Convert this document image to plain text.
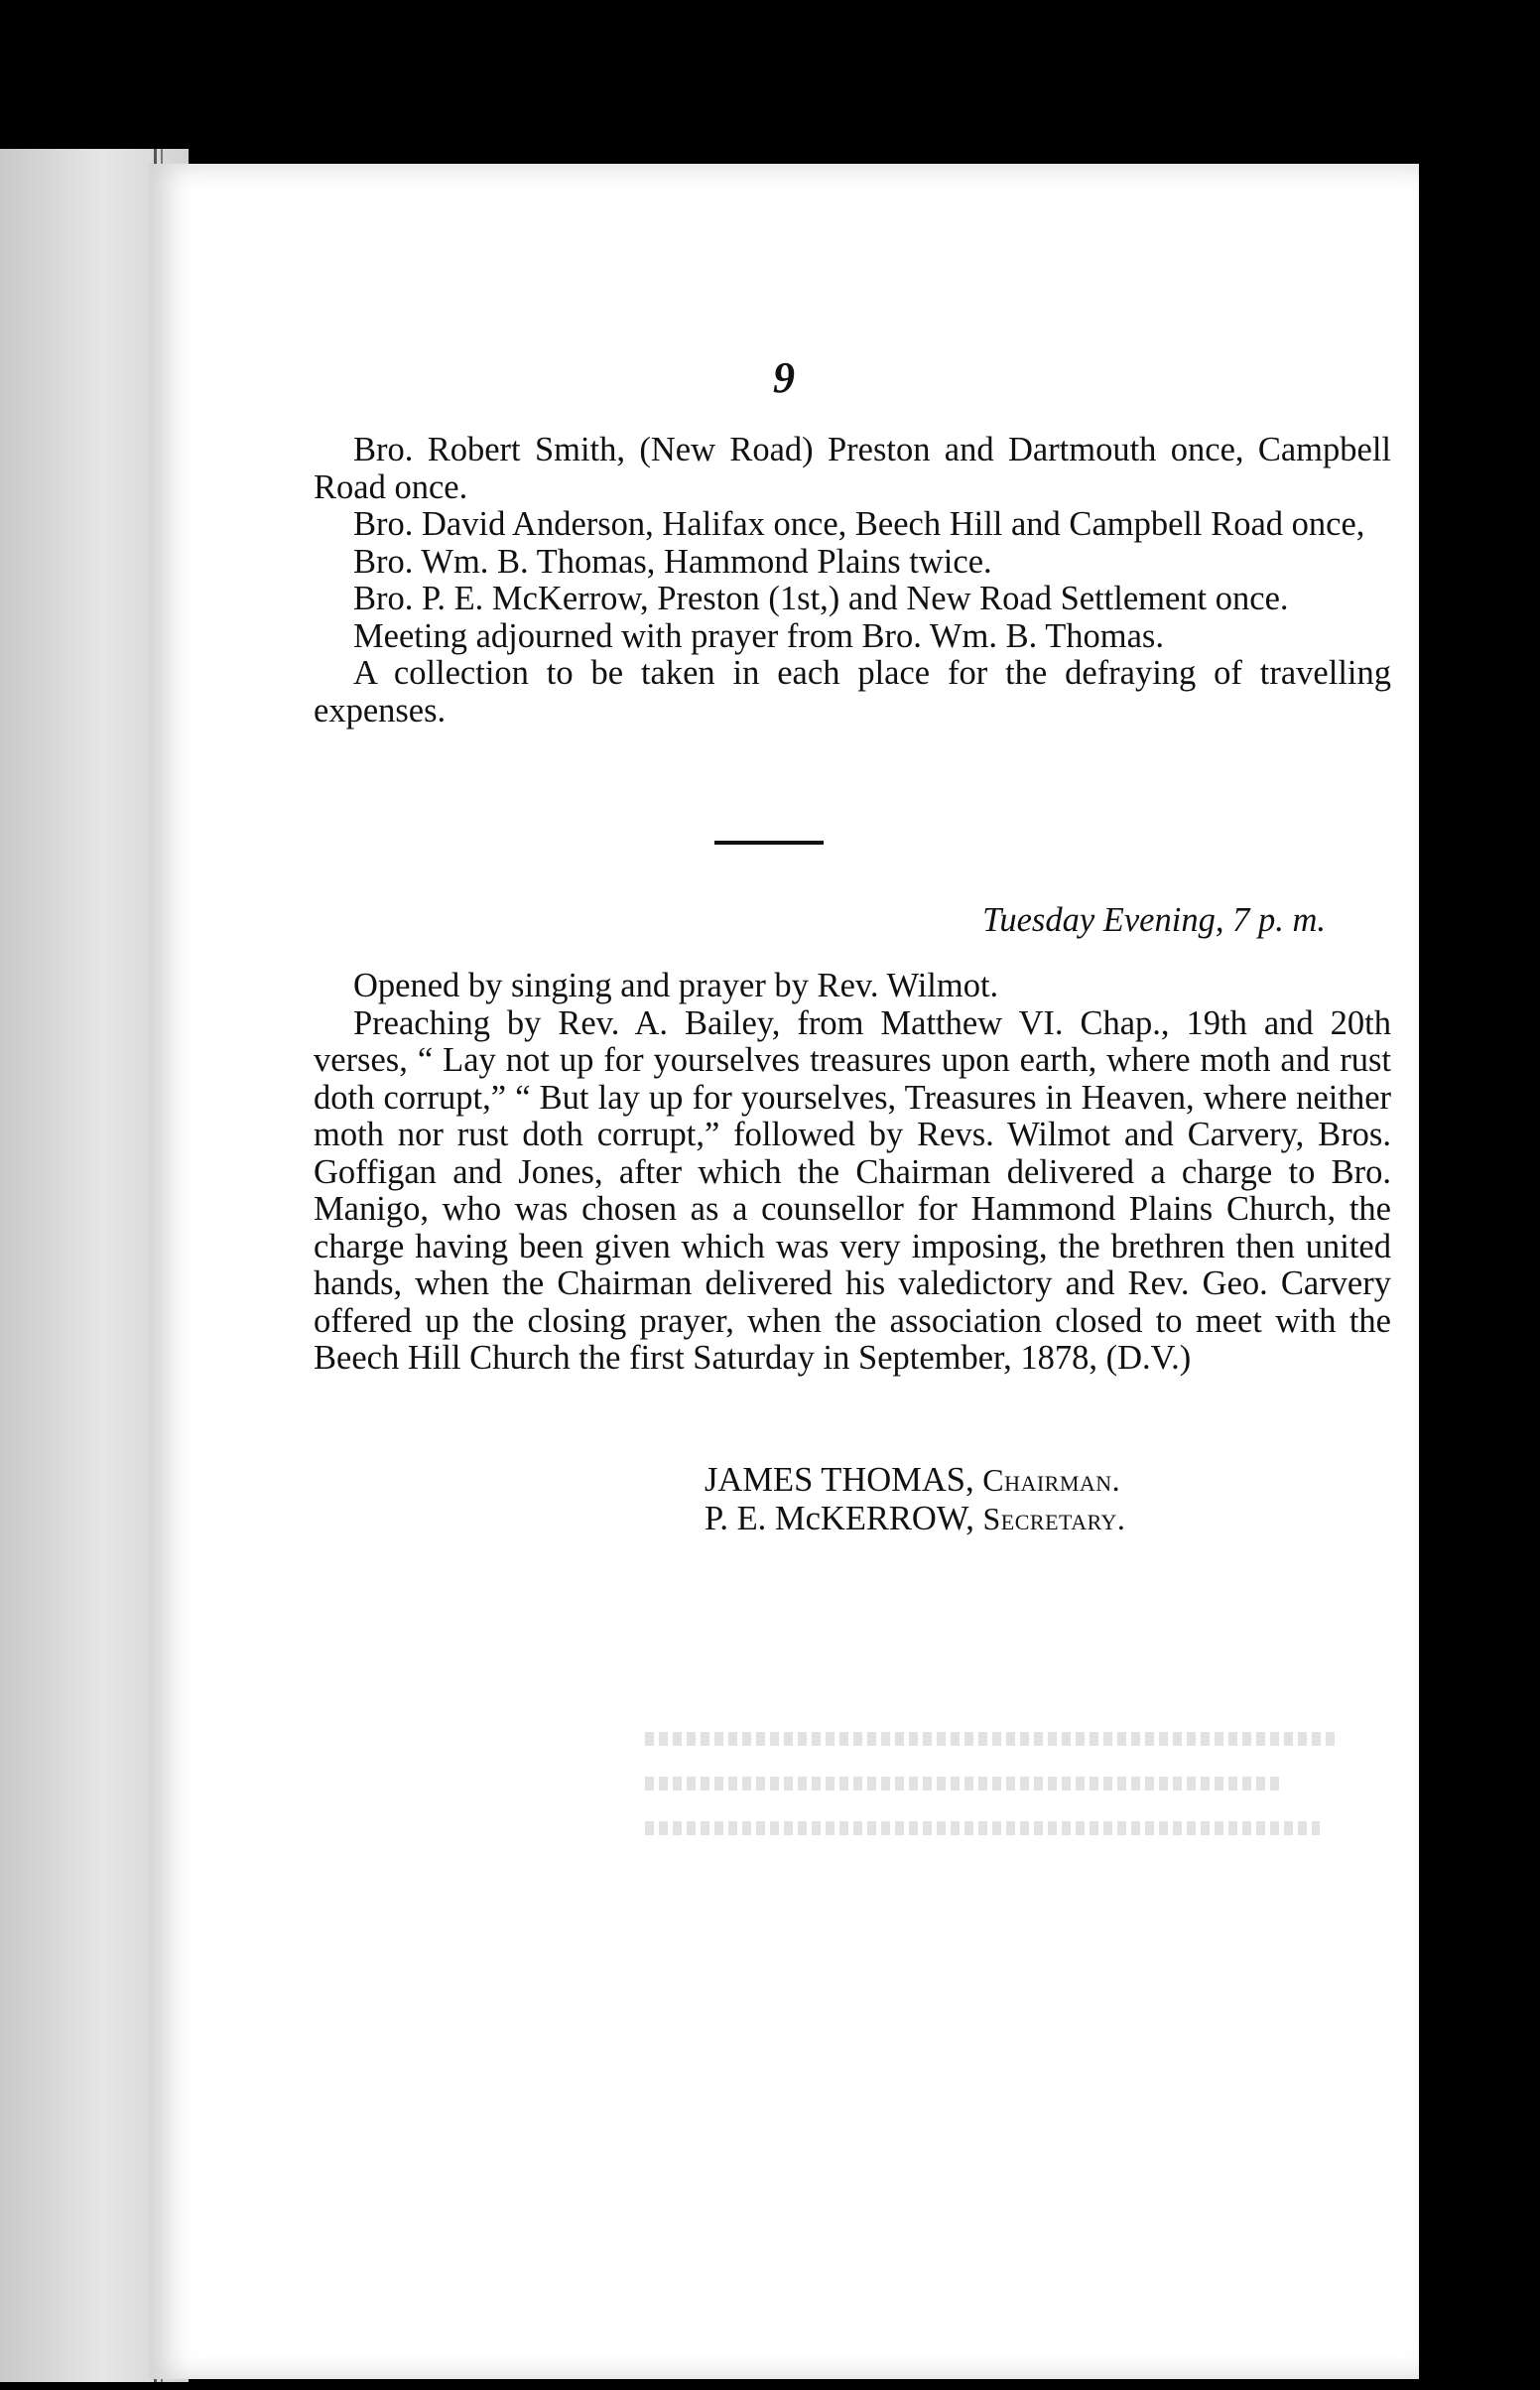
9

Bro. Robert Smith, (New Road) Preston and Dartmouth once, Campbell Road once.

Bro. David Anderson, Halifax once, Beech Hill and Campbell Road once,

Bro. Wm. B. Thomas, Hammond Plains twice.

Bro. P. E. McKerrow, Preston (1st,) and New Road Settlement once.

Meeting adjourned with prayer from Bro. Wm. B. Thomas.

A collection to be taken in each place for the defraying of travelling expenses.

Tuesday Evening, 7 p. m.

Opened by singing and prayer by Rev. Wilmot.

Preaching by Rev. A. Bailey, from Matthew VI. Chap., 19th and 20th verses, “ Lay not up for yourselves treasures upon earth, where moth and rust doth corrupt,” “ But lay up for yourselves, Treasures in Heaven, where neither moth nor rust doth corrupt,” followed by Revs. Wilmot and Carvery, Bros. Goffigan and Jones, after which the Chairman delivered a charge to Bro. Manigo, who was chosen as a counsellor for Hammond Plains Church, the charge having been given which was very imposing, the brethren then united hands, when the Chairman delivered his valedictory and Rev. Geo. Carvery offered up the closing prayer, when the association closed to meet with the Beech Hill Church the first Saturday in September, 1878, (D.V.)

JAMES THOMAS, Chairman.
P. E. McKERROW, Secretary.
